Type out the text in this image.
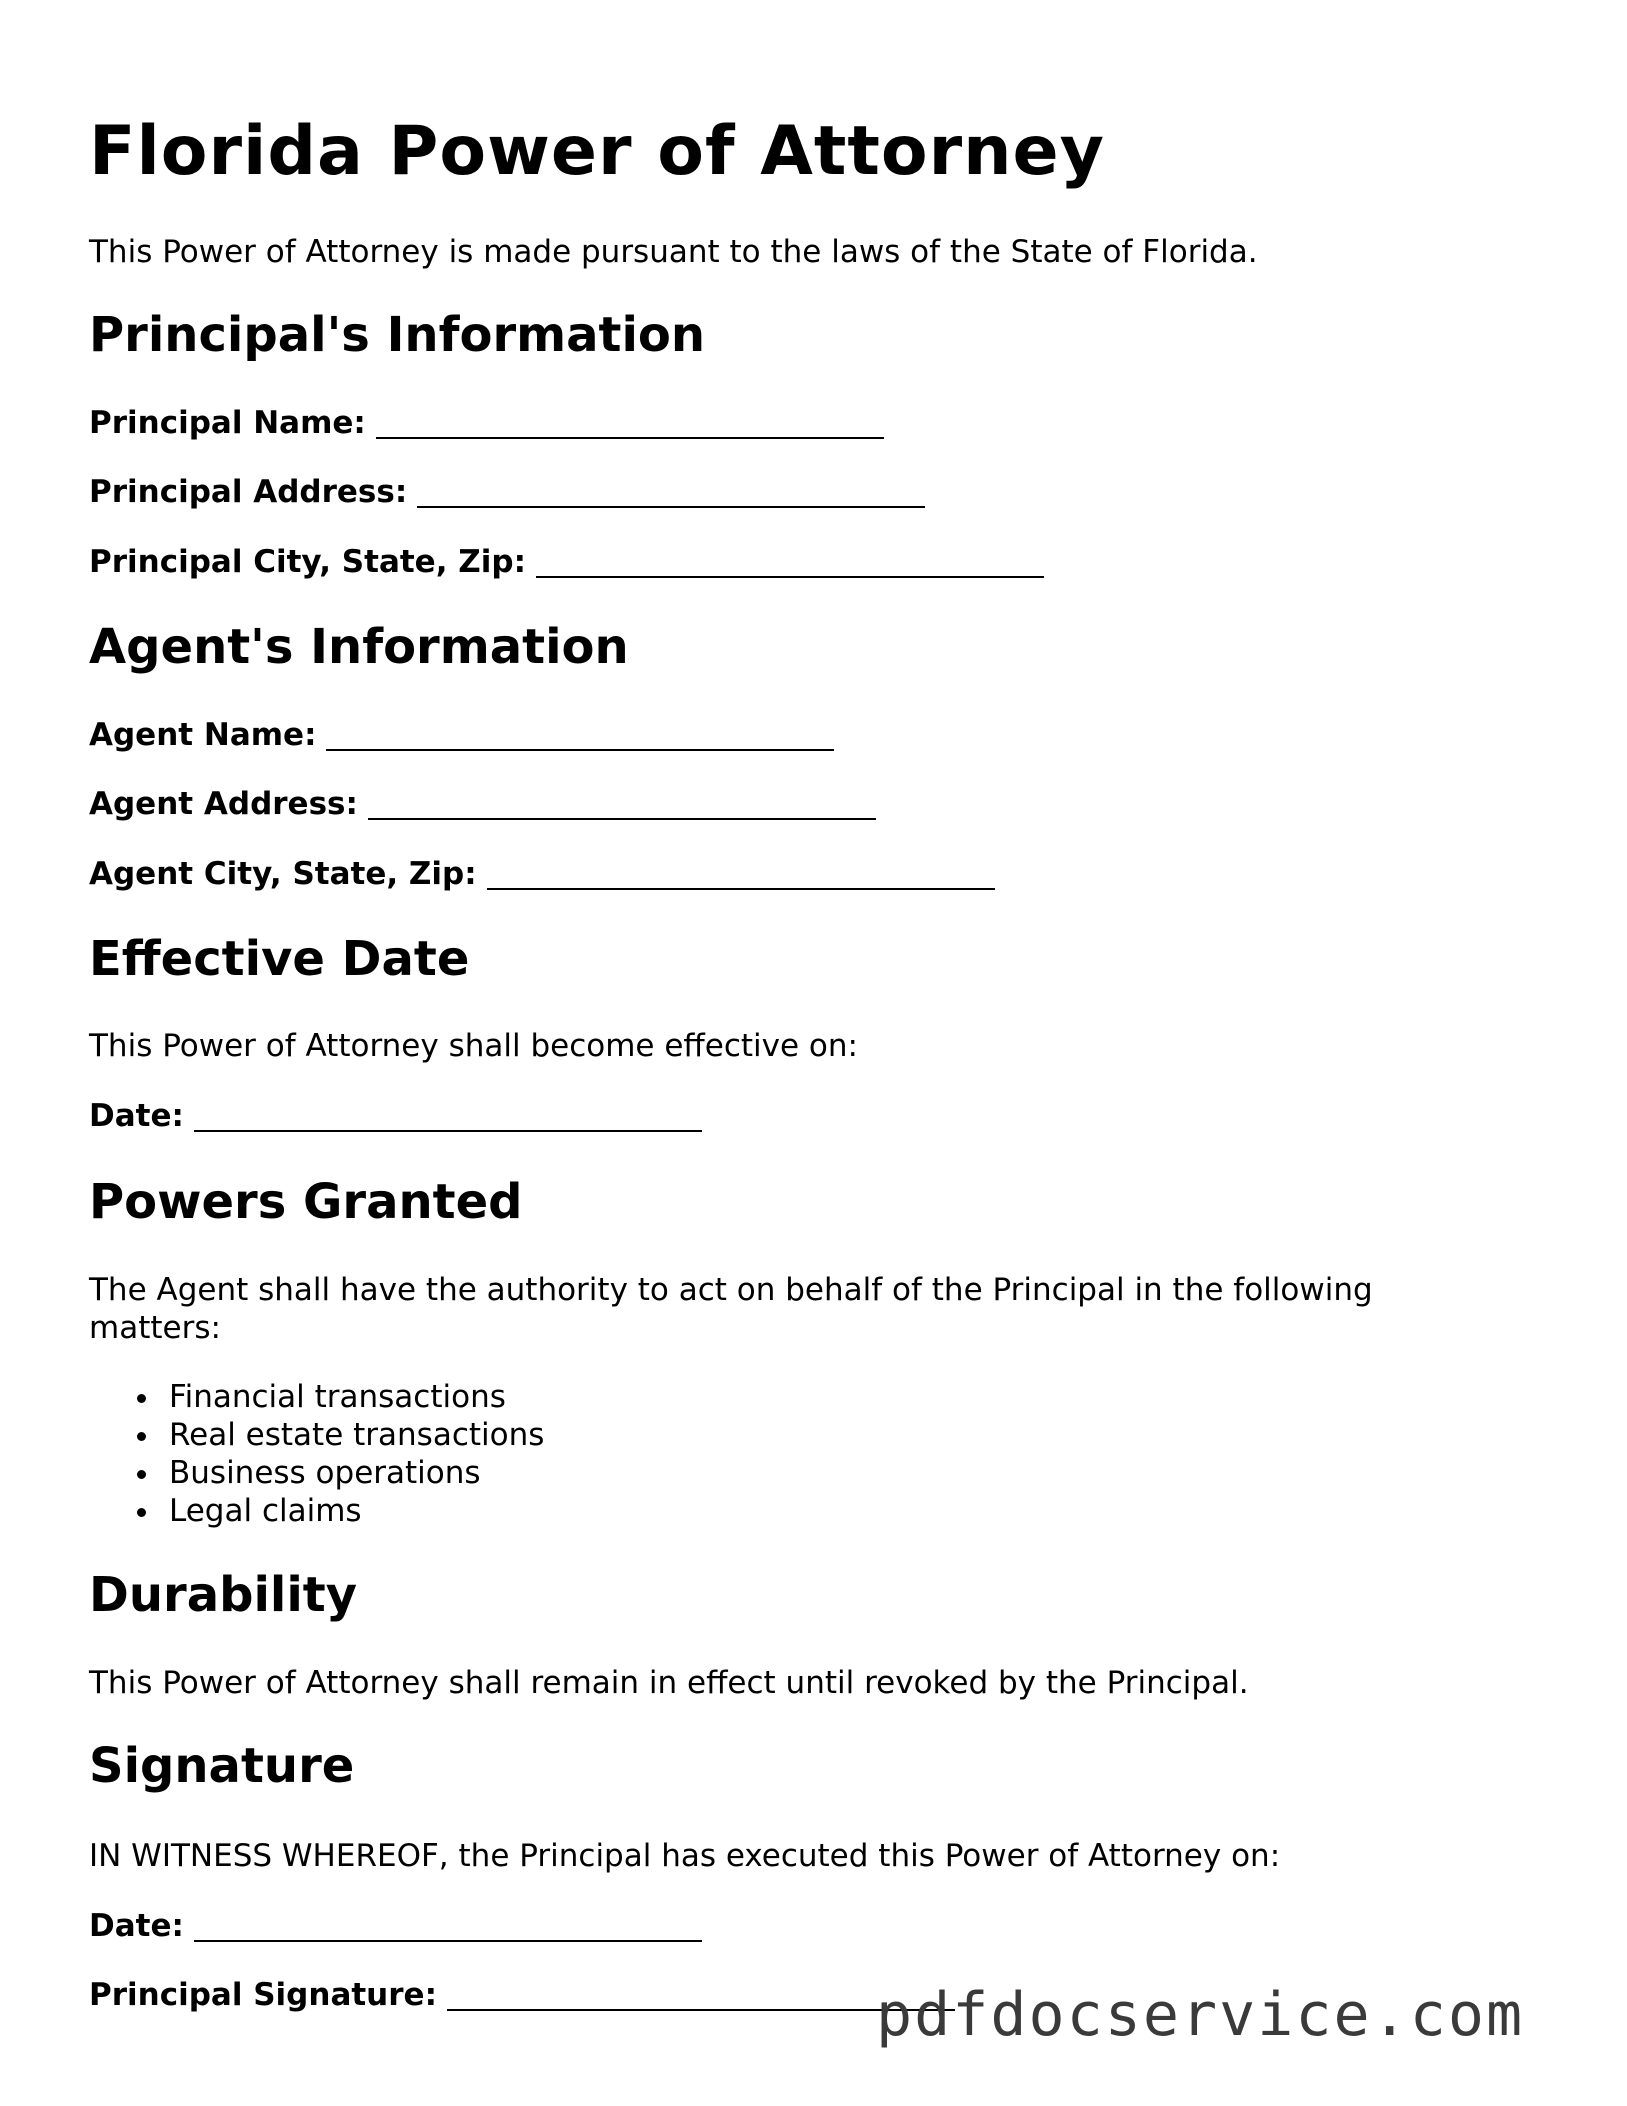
Florida Power of Attorney

This Power of Attorney is made pursuant to the laws of the State of Florida.

Principal's Information
Principal Name:
Principal Address:
Principal City, State, Zip:
Agent's Information
Agent Name:
Agent Address:
Agent City, State, Zip:
Effective Date

This Power of Attorney shall become effective on:

Date:
Powers Granted

The Agent shall have the authority to act on behalf of the Principal in the following matters:

Financial transactions
Real estate transactions
Business operations
Legal claims
Durability

This Power of Attorney shall remain in effect until revoked by the Principal.

Signature

IN WITNESS WHEREOF, the Principal has executed this Power of Attorney on:

Date:
Principal Signature:	pdfdocservice.com
